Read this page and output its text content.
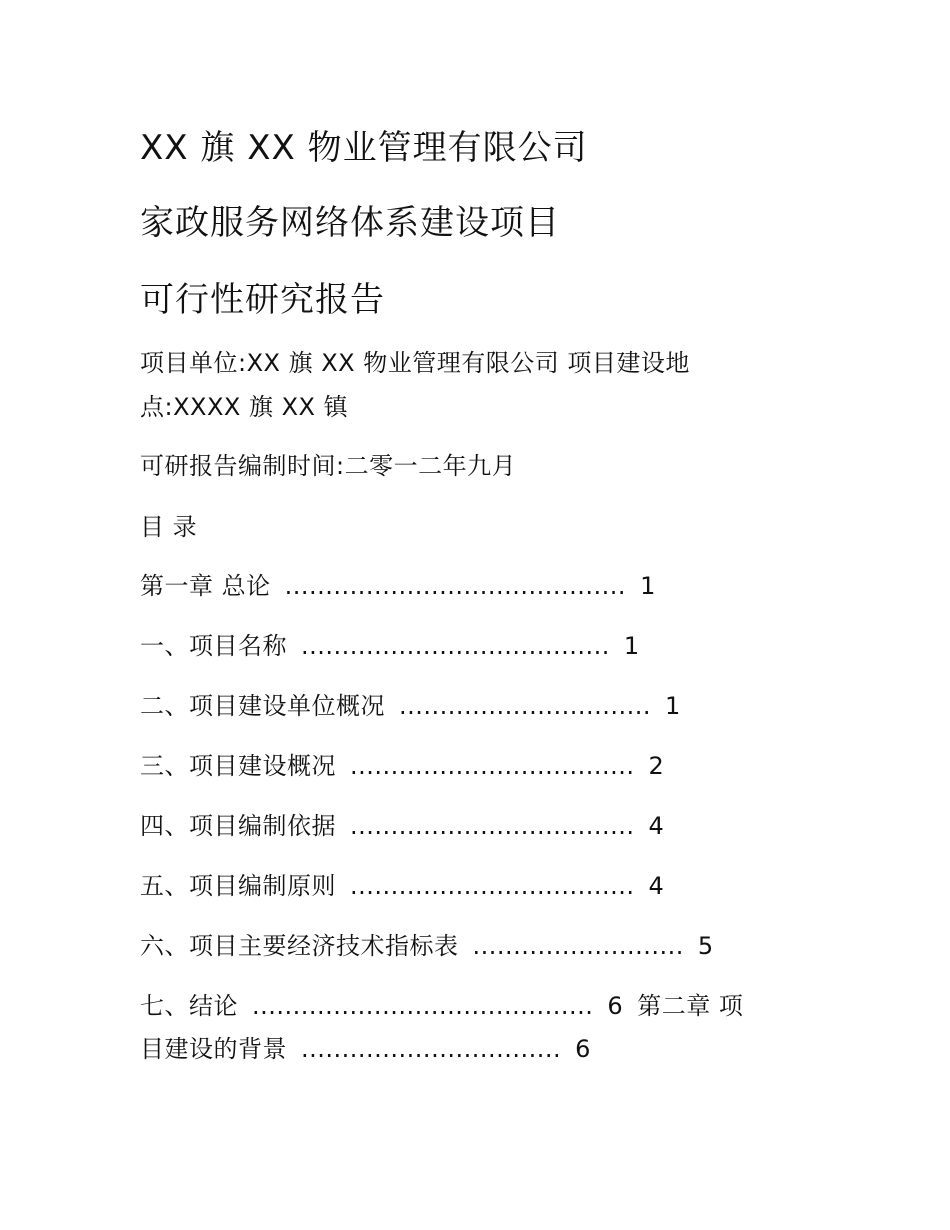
XX 旗 XX 物业管理有限公司
家政服务网络体系建设项目
可行性研究报告
项目单位:XX 旗 XX 物业管理有限公司 项目建设地
点:XXXX 旗 XX 镇
可研报告编制时间:二零一二年九月
目 录
第一章 总论 .......................................... 1
一、项目名称 ...................................... 1
二、项目建设单位概况 ............................... 1
三、项目建设概况 ................................... 2
四、项目编制依据 ................................... 4
五、项目编制原则 ................................... 4
六、项目主要经济技术指标表 .......................... 5
七、结论 .......................................... 6 第二章 项
目建设的背景 ................................ 6
